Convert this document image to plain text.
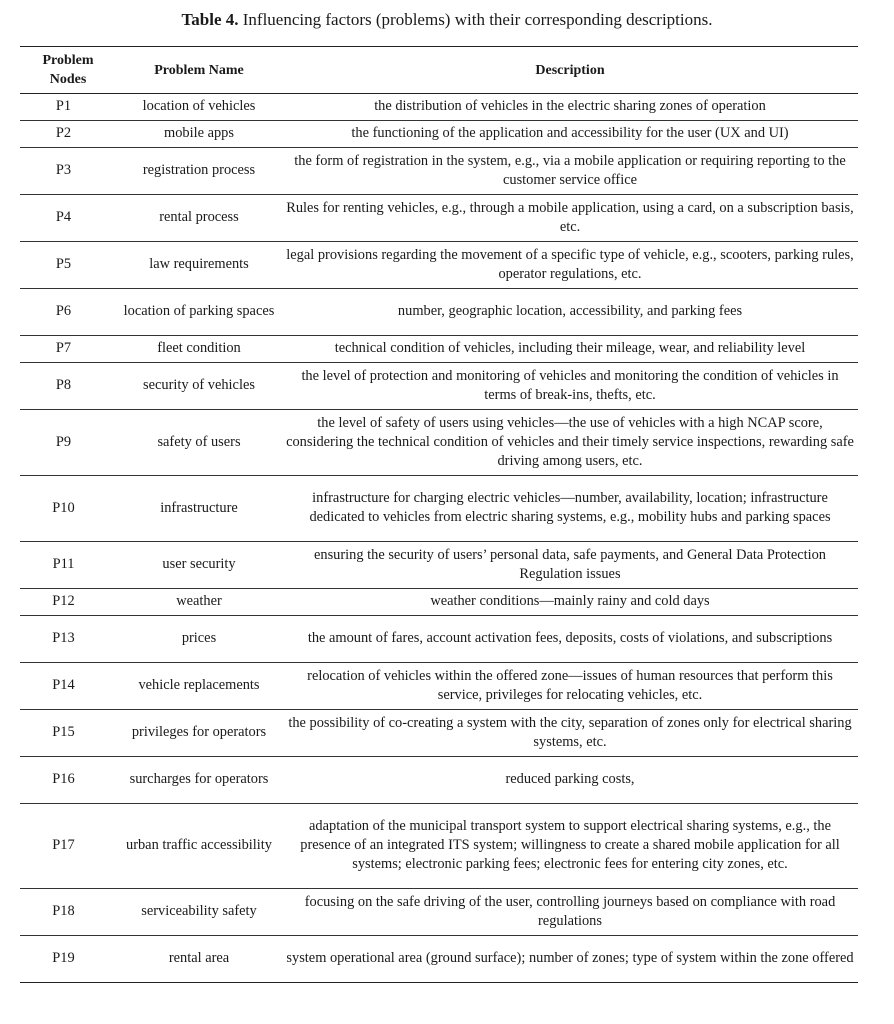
Table 4. Influencing factors (problems) with their corresponding descriptions.
Problem Nodes	Problem Name	Description
P1	location of vehicles	the distribution of vehicles in the electric sharing zones of operation
P2	mobile apps	the functioning of the application and accessibility for the user (UX and UI)
P3	registration process	the form of registration in the system, e.g., via a mobile application or requiring reporting to the customer service office
P4	rental process	Rules for renting vehicles, e.g., through a mobile application, using a card, on a subscription basis, etc.
P5	law requirements	legal provisions regarding the movement of a specific type of vehicle, e.g., scooters, parking rules, operator regulations, etc.
P6	location of parking spaces	number, geographic location, accessibility, and parking fees
P7	fleet condition	technical condition of vehicles, including their mileage, wear, and reliability level
P8	security of vehicles	the level of protection and monitoring of vehicles and monitoring the condition of vehicles in terms of break-ins, thefts, etc.
P9	safety of users	the level of safety of users using vehicles—the use of vehicles with a high NCAP score, considering the technical condition of vehicles and their timely service inspections, rewarding safe driving among users, etc.
P10	infrastructure	infrastructure for charging electric vehicles—number, availability, location; infrastructure dedicated to vehicles from electric sharing systems, e.g., mobility hubs and parking spaces
P11	user security	ensuring the security of users’ personal data, safe payments, and General Data Protection Regulation issues
P12	weather	weather conditions—mainly rainy and cold days
P13	prices	the amount of fares, account activation fees, deposits, costs of violations, and subscriptions
P14	vehicle replacements	relocation of vehicles within the offered zone—issues of human resources that perform this service, privileges for relocating vehicles, etc.
P15	privileges for operators	the possibility of co-creating a system with the city, separation of zones only for electrical sharing systems, etc.
P16	surcharges for operators	reduced parking costs,
P17	urban traffic accessibility	adaptation of the municipal transport system to support electrical sharing systems, e.g., the presence of an integrated ITS system; willingness to create a shared mobile application for all systems; electronic parking fees; electronic fees for entering city zones, etc.
P18	serviceability safety	focusing on the safe driving of the user, controlling journeys based on compliance with road regulations
P19	rental area	system operational area (ground surface); number of zones; type of system within the zone offered
